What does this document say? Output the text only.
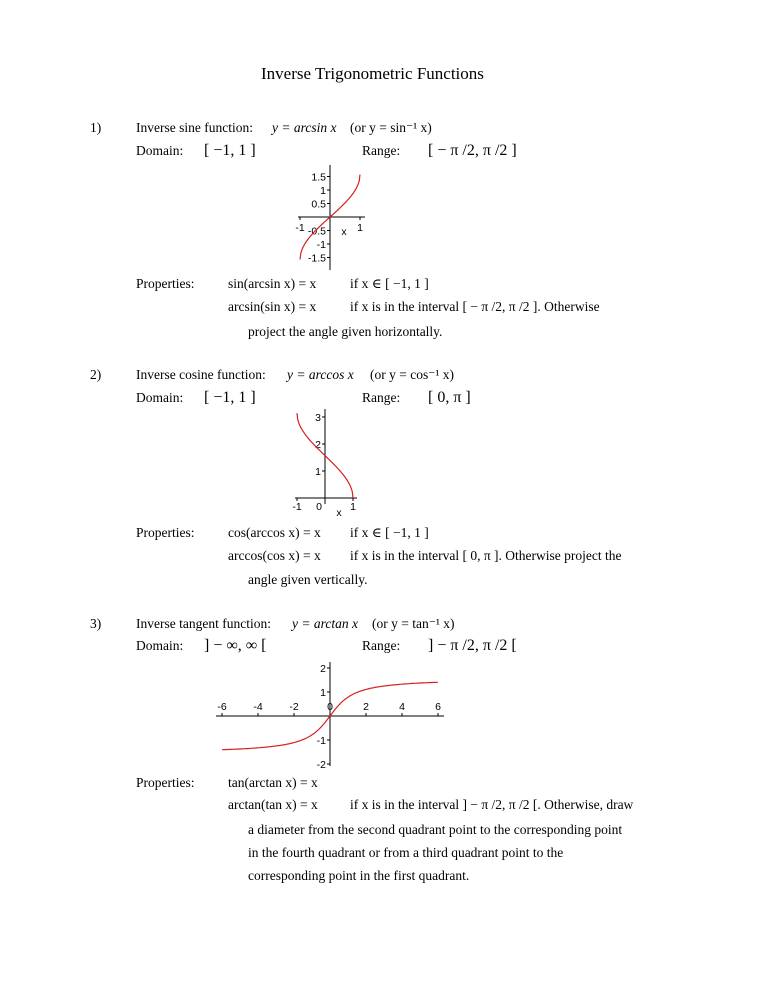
Inverse Trigonometric Functions
1)	Inverse sine function: y = arcsin x (or y = sin⁻¹ x)
Domain: [ −1, 1 ]	Range: [ − π /2, π /2 ]
1.5
1
0.5
-0.5
-1
-1.5
-1	1
x
Properties: sin(arcsin x) = x	if x ∈ [ −1, 1 ]
arcsin(sin x) = x	if x is in the interval [ − π /2, π /2 ]. Otherwise
project the angle given horizontally.
2)	Inverse cosine function: y = arccos x (or y = cos⁻¹ x)
Domain: [ −1, 1 ]	Range: [ 0, π ]
3
2
1
-1 0	1
x
Properties: cos(arccos x) = x if x ∈ [ −1, 1 ]
arccos(cos x) = x if x is in the interval [ 0, π ]. Otherwise project the
angle given vertically.
3)	Inverse tangent function: y = arctan x (or y = tan⁻¹ x)
Domain: ] − ∞, ∞ [	Range: ] − π /2, π /2 [
2
1
-1
-2
-6	-4	-2	0	2	4	6
Properties: tan(arctan x) = x
arctan(tan x) = x if x is in the interval ] − π /2, π /2 [. Otherwise, draw
a diameter from the second quadrant point to the corresponding point
in the fourth quadrant or from a third quadrant point to the
corresponding point in the first quadrant.
